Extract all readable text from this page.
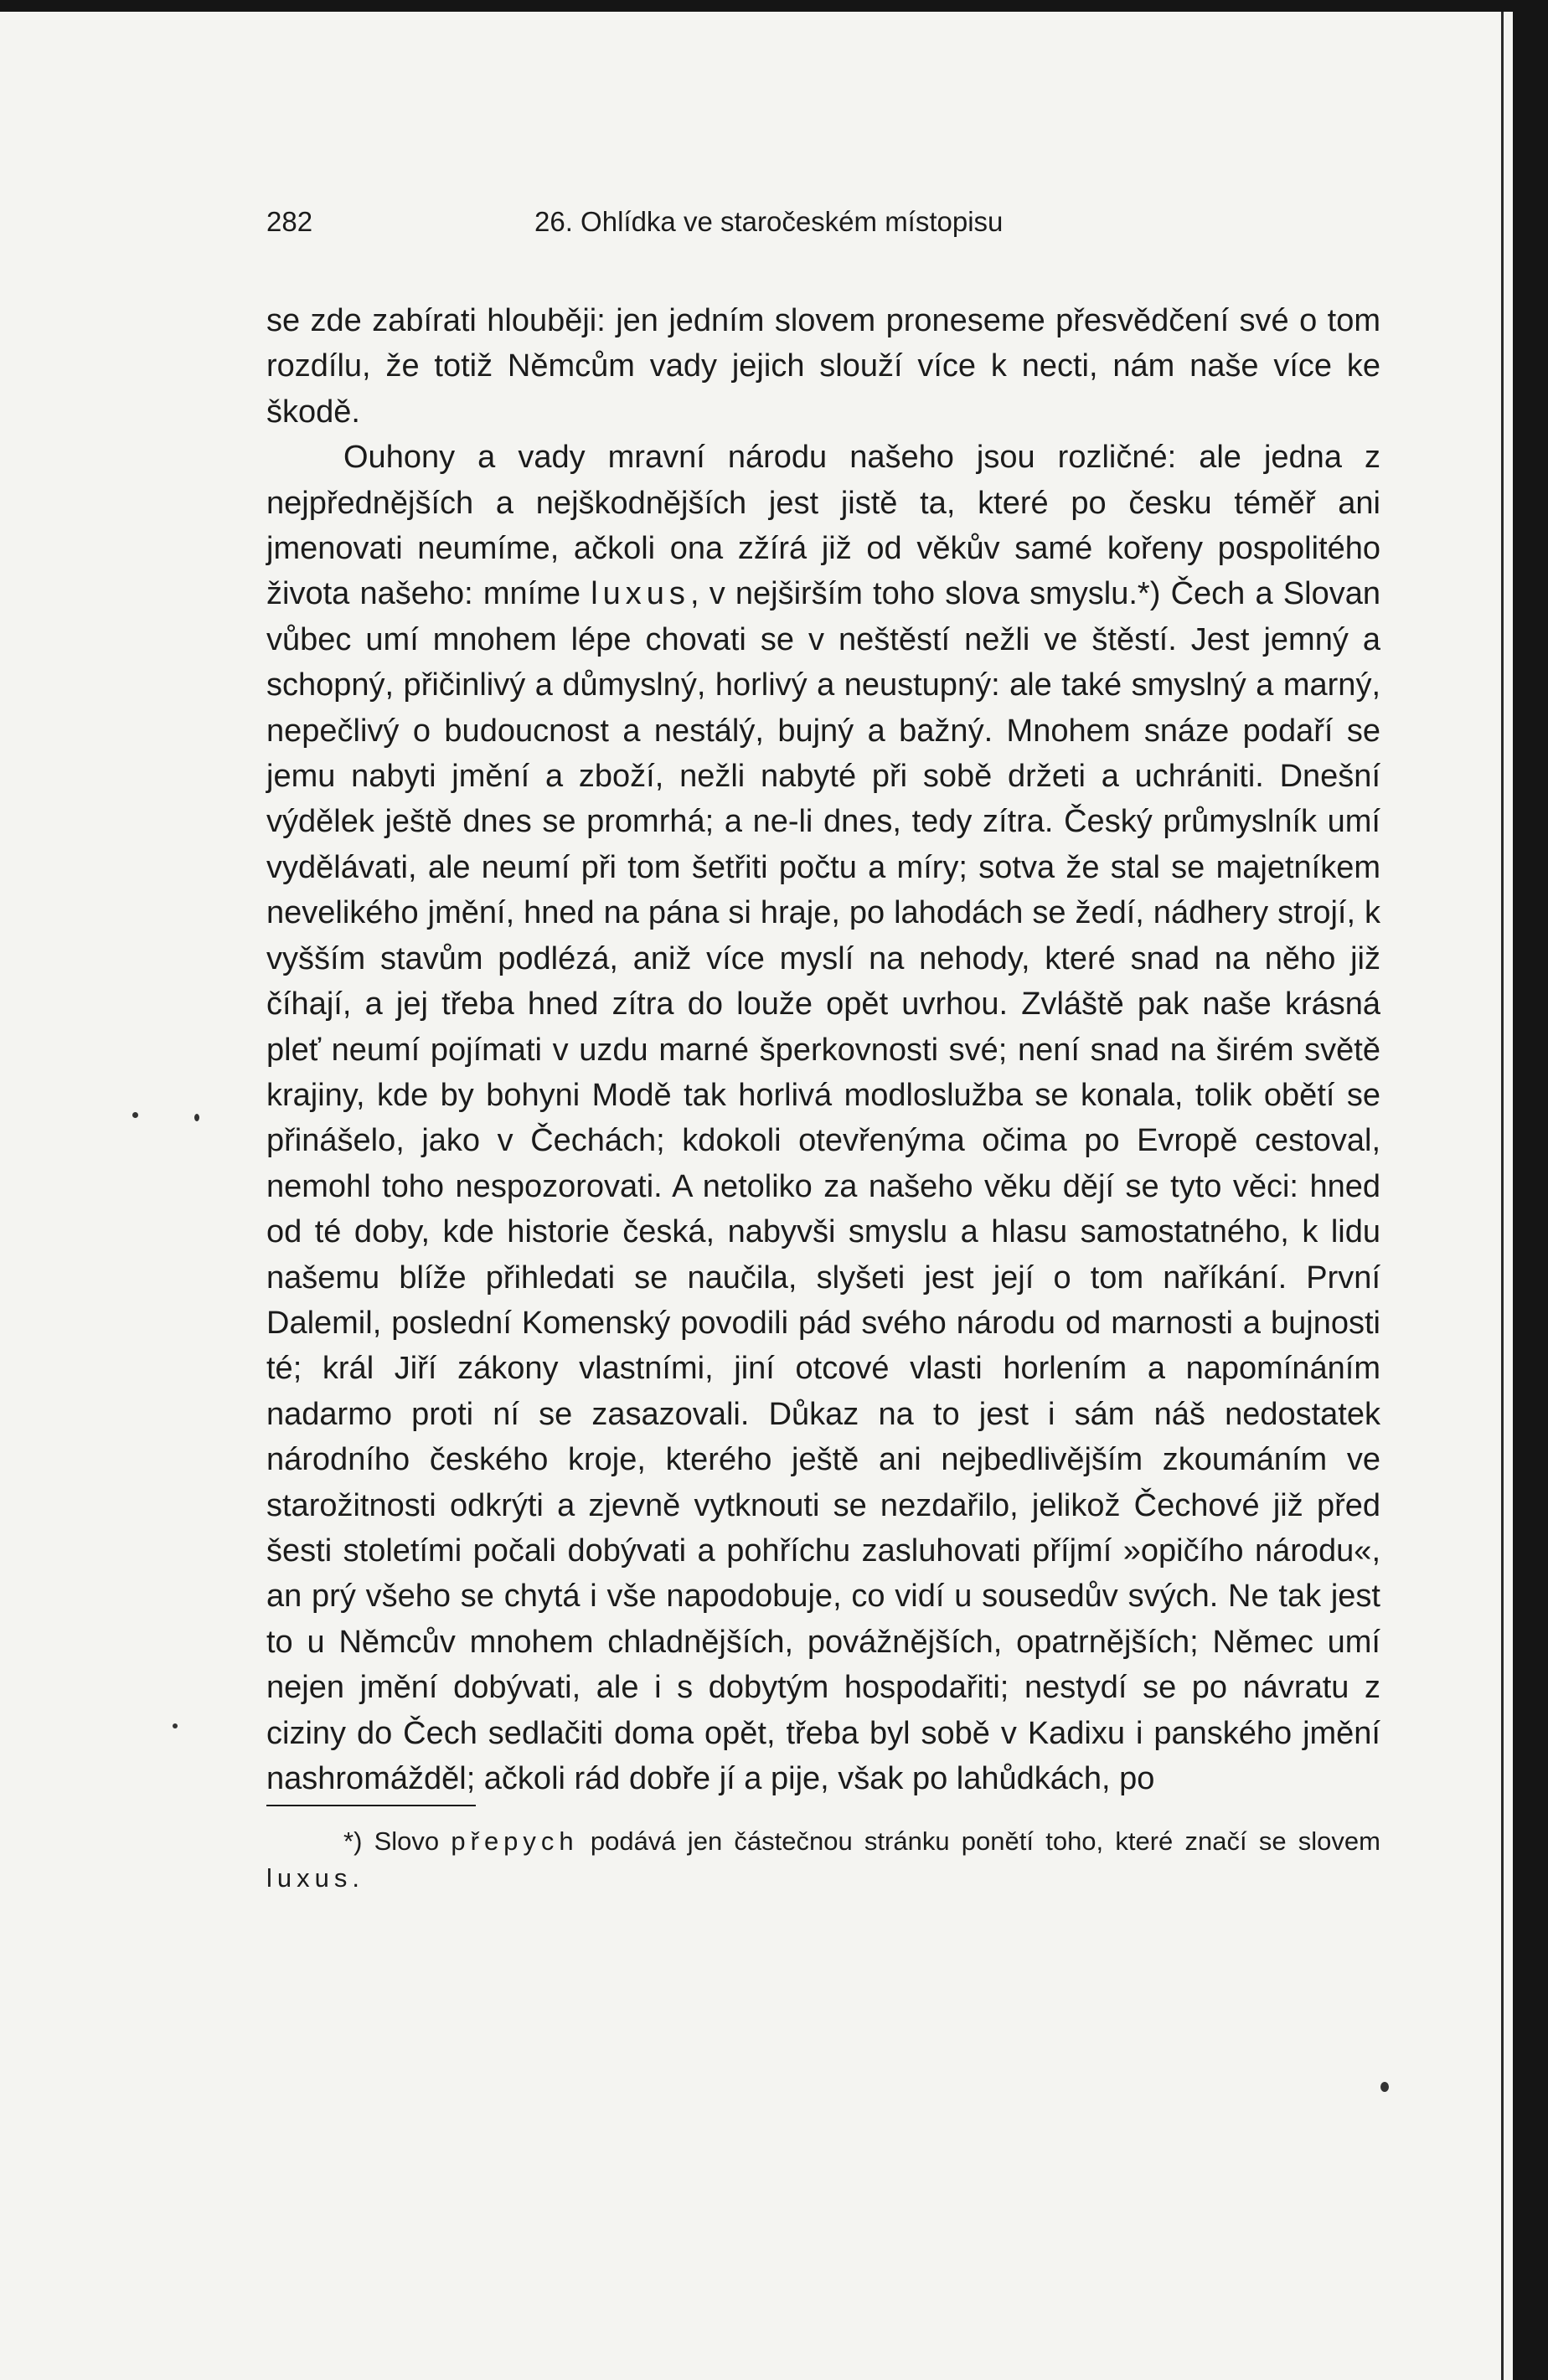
282	26. Ohlídka ve staročeském místopisu

se zde zabírati hlouběji: jen jedním slovem proneseme přesvědčení své o tom rozdílu, že totiž Němcům vady jejich slouží více k necti, nám naše více ke škodě.

Ouhony a vady mravní národu našeho jsou rozličné: ale jedna z nejpřednějších a nejškodnějších jest jistě ta, které po česku téměř ani jmenovati neumíme, ačkoli ona zžírá již od věkův samé kořeny pospolitého života našeho: mníme luxus, v nejširším toho slova smyslu.*) Čech a Slovan vůbec umí mnohem lépe chovati se v neštěstí nežli ve štěstí. Jest jemný a schopný, přičinlivý a důmyslný, horlivý a neustupný: ale také smyslný a marný, nepečlivý o budoucnost a nestálý, bujný a bažný. Mnohem snáze podaří se jemu nabyti jmění a zboží, nežli nabyté při sobě držeti a uchrániti. Dnešní výdělek ještě dnes se promrhá; a ne-li dnes, tedy zítra. Český průmyslník umí vydělávati, ale neumí při tom šetřiti počtu a míry; sotva že stal se majetníkem nevelikého jmění, hned na pána si hraje, po lahodách se žedí, nádhery strojí, k vyšším stavům podlézá, aniž více myslí na nehody, které snad na něho již číhají, a jej třeba hned zítra do louže opět uvrhou. Zvláště pak naše krásná pleť neumí pojímati v uzdu marné šperkovnosti své; není snad na širém světě krajiny, kde by bohyni Modě tak horlivá modloslužba se konala, tolik obětí se přinášelo, jako v Čechách; kdokoli otevřenýma očima po Evropě cestoval, nemohl toho nespozorovati. A netoliko za našeho věku dějí se tyto věci: hned od té doby, kde historie česká, nabyvši smyslu a hlasu samostatného, k lidu našemu blíže přihledati se naučila, slyšeti jest její o tom naříkání. První Dalemil, poslední Komenský povodili pád svého národu od marnosti a bujnosti té; král Jiří zákony vlastními, jiní otcové vlasti horlením a napomínáním nadarmo proti ní se zasazovali. Důkaz na to jest i sám náš nedostatek národního českého kroje, kterého ještě ani nejbedlivějším zkoumáním ve starožitnosti odkrýti a zjevně vytknouti se nezdařilo, jelikož Čechové již před šesti stoletími počali dobývati a pohříchu zasluhovati příjmí »opičího národu«, an prý všeho se chytá i vše napodobuje, co vidí u sousedův svých. Ne tak jest to u Němcův mnohem chladnějších, povážnějších, opatrnějších; Němec umí nejen jmění dobývati, ale i s dobytým hospodařiti; nestydí se po návratu z ciziny do Čech sedlačiti doma opět, třeba byl sobě v Kadixu i panského jmění nashromážděl; ačkoli rád dobře jí a pije, však po lahůdkách, po

*) Slovo přepych podává jen částečnou stránku ponětí toho, které značí se slovem luxus.
